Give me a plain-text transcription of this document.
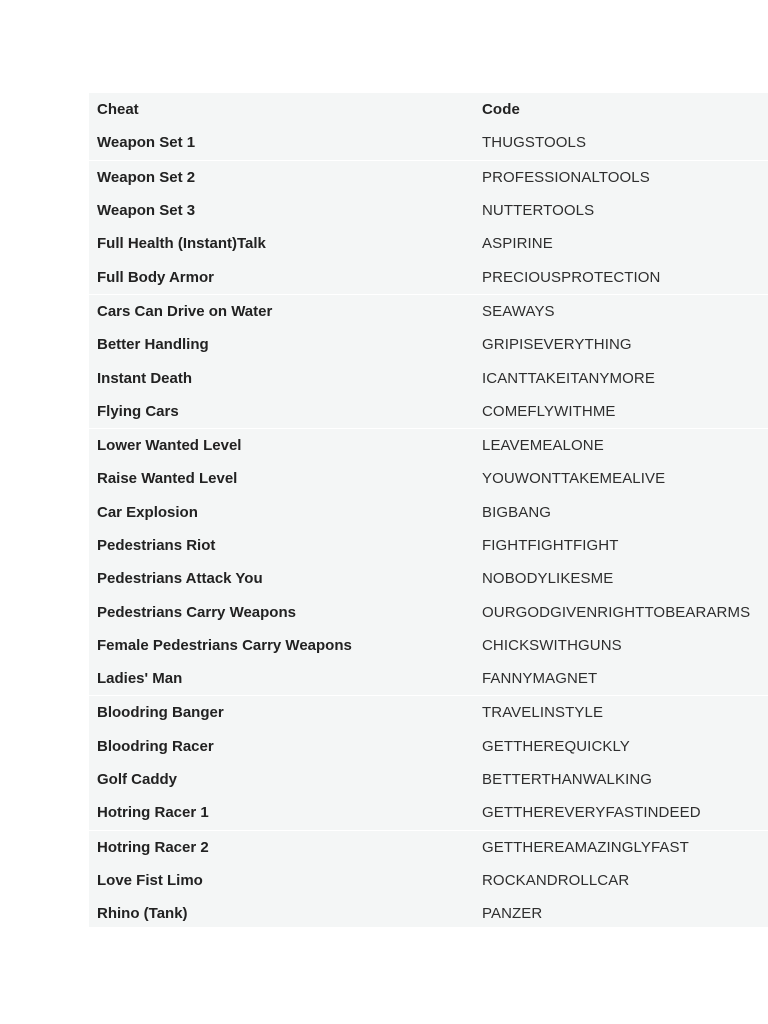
Cheat	Code
Weapon Set 1	THUGSTOOLS
Weapon Set 2	PROFESSIONALTOOLS
Weapon Set 3	NUTTERTOOLS
Full Health (Instant)Talk	ASPIRINE
Full Body Armor	PRECIOUSPROTECTION
Cars Can Drive on Water	SEAWAYS
Better Handling	GRIPISEVERYTHING
Instant Death	ICANTTAKEITANYMORE
Flying Cars	COMEFLYWITHME
Lower Wanted Level	LEAVEMEALONE
Raise Wanted Level	YOUWONTTAKEMEALIVE
Car Explosion	BIGBANG
Pedestrians Riot	FIGHTFIGHTFIGHT
Pedestrians Attack You	NOBODYLIKESME
Pedestrians Carry Weapons	OURGODGIVENRIGHTTOBEARARMS
Female Pedestrians Carry Weapons	CHICKSWITHGUNS
Ladies' Man	FANNYMAGNET
Bloodring Banger	TRAVELINSTYLE
Bloodring Racer	GETTHEREQUICKLY
Golf Caddy	BETTERTHANWALKING
Hotring Racer 1	GETTHEREVERYFASTINDEED
Hotring Racer 2	GETTHEREAMAZINGLYFAST
Love Fist Limo	ROCKANDROLLCAR
Rhino (Tank)	PANZER
